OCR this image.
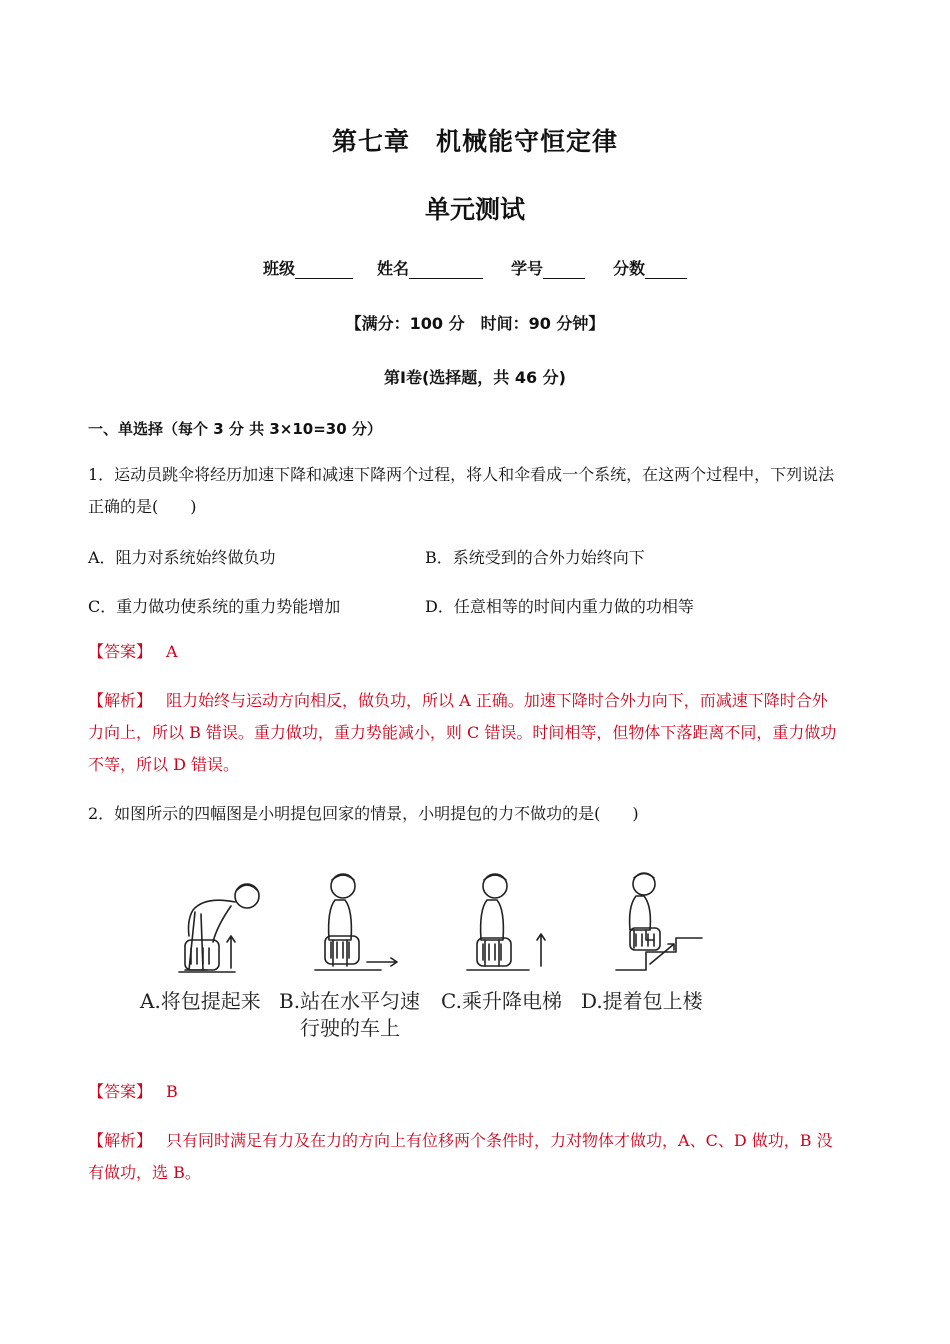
第七章　机械能守恒定律
单元测试
班级	姓名	学号	分数
【满分：100 分　时间：90 分钟】
第Ⅰ卷(选择题，共 46 分)
一、单选择（每个 3 分 共 3×10=30 分）
1．运动员跳伞将经历加速下降和减速下降两个过程，将人和伞看成一个系统，在这两个过程中，下列说法
正确的是(　　)
A．阻力对系统始终做负功	B．系统受到的合外力始终向下
C．重力做功使系统的重力势能增加	D．任意相等的时间内重力做的功相等
【答案】 A
【解析】 阻力始终与运动方向相反，做负功，所以 A 正确。加速下降时合外力向下，而减速下降时合外
力向上，所以 B 错误。重力做功，重力势能减小，则 C 错误。时间相等，但物体下落距离不同，重力做功
不等，所以 D 错误。
2．如图所示的四幅图是小明提包回家的情景，小明提包的力不做功的是(　　)
A.将包提起来 B.站在水平匀速
行驶的车上
C.乘升降电梯 D.提着包上楼
【答案】 B
【解析】 只有同时满足有力及在力的方向上有位移两个条件时，力对物体才做功，A、C、D 做功，B 没
有做功，选 B。
